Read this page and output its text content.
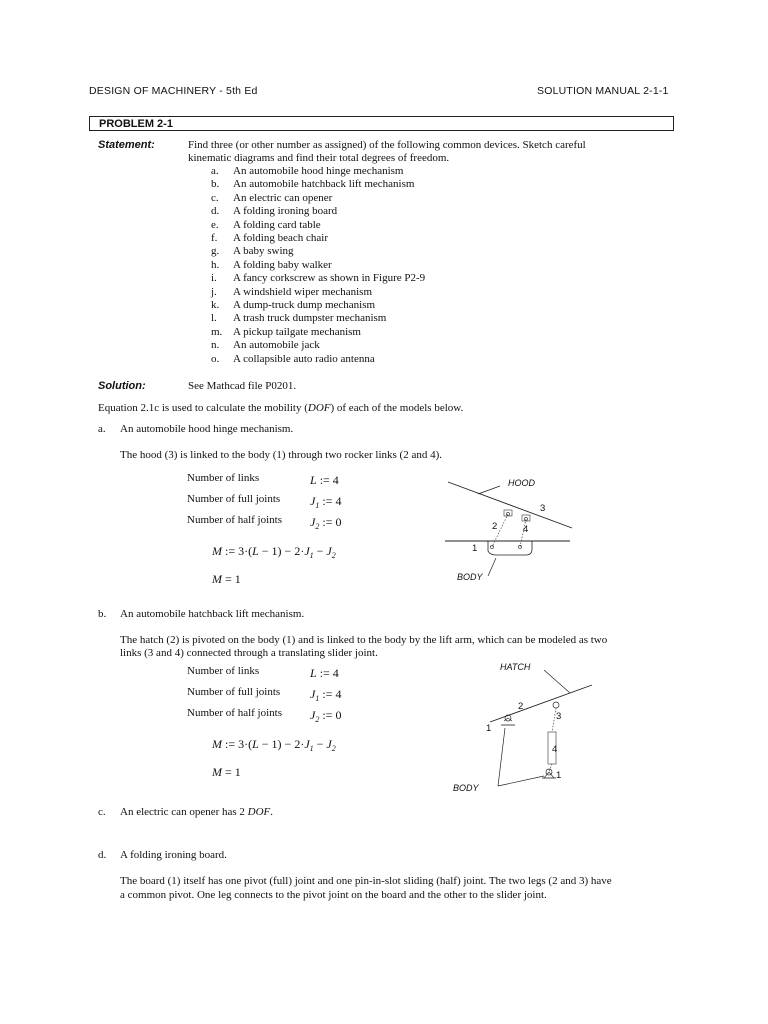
DESIGN OF MACHINERY - 5th Ed	SOLUTION MANUAL 2-1-1
PROBLEM 2-1
Statement:	Find three (or other number as assigned) of the following common devices. Sketch careful
kinematic diagrams and find their total degrees of freedom.
a. An automobile hood hinge mechanism
b. An automobile hatchback lift mechanism
c. An electric can opener
d. A folding ironing board
e. A folding card table
f. A folding beach chair
g. A baby swing
h. A folding baby walker
i. A fancy corkscrew as shown in Figure P2-9
j. A windshield wiper mechanism
k. A dump-truck dump mechanism
l. A trash truck dumpster mechanism
m. A pickup tailgate mechanism
n. An automobile jack
o. A collapsible auto radio antenna
Solution:	See Mathcad file P0201.
Equation 2.1c is used to calculate the mobility (DOF) of each of the models below.
a. An automobile hood hinge mechanism.
The hood (3) is linked to the body (1) through two rocker links (2 and 4).
Number of links	L := 4
Number of full joints $J_1$ := 4
Number of half joints $J_2$ := 0
M := $3\cdot(L - 1) - 2\cdot J_1 - J_2$
M = 1
HOOD
3
2	4
1
BODY
b. An automobile hatchback lift mechanism.
The hatch (2) is pivoted on the body (1) and is linked to the body by the lift arm, which can be modeled as two
links (3 and 4) connected through a translating slider joint.
Number of links	L := 4
Number of full joints $J_1$ := 4
Number of half joints $J_2$ := 0
M := $3\cdot(L - 1) - 2\cdot J_1 - J_2$
M = 1
HATCH
2
3
1
4
1
BODY
c. An electric can opener has 2 DOF.
d. A folding ironing board.
The board (1) itself has one pivot (full) joint and one pin-in-slot sliding (half) joint. The two legs (2 and 3) have
a common pivot. One leg connects to the pivot joint on the board and the other to the slider joint.
